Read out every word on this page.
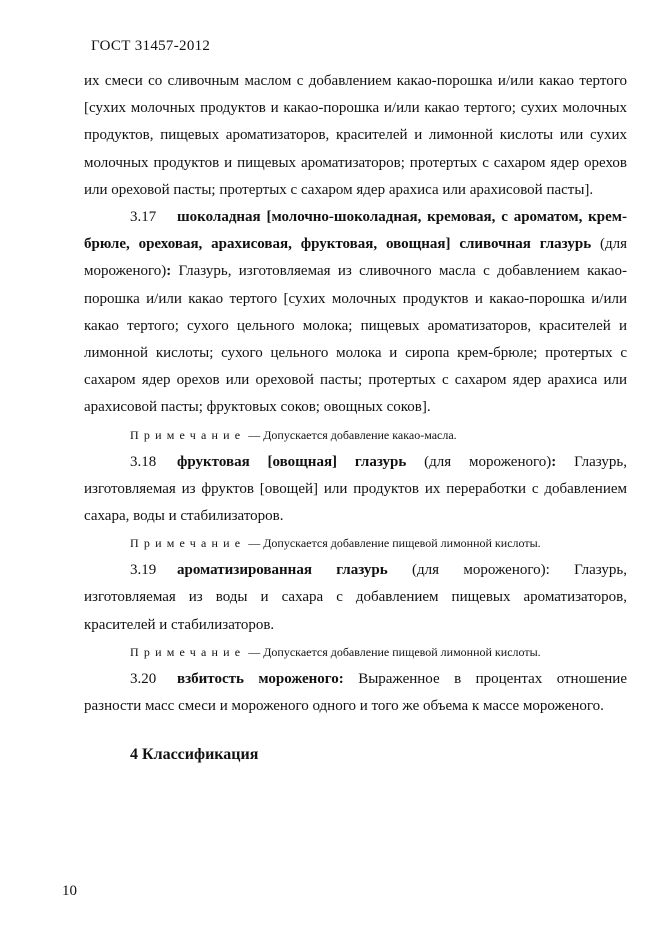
ГОСТ 31457-2012

их смеси со сливочным маслом с добавлением какао-порошка и/или какао тертого [сухих молочных продуктов и какао-порошка и/или какао тертого; сухих молочных продуктов, пищевых ароматизаторов, красителей и лимонной кислоты или сухих молочных продуктов и пищевых ароматизаторов; протертых с сахаром ядер орехов или ореховой пасты; протертых с сахаром ядер арахиса или арахисовой пасты].

3.17 шоколадная [молочно-шоколадная, кремовая, с ароматом, крем-брюле, ореховая, арахисовая, фруктовая, овощная] сливочная глазурь (для мороженого): Глазурь, изготовляемая из сливочного масла с добавлением какао-порошка и/или какао тертого [сухих молочных продуктов и какао-порошка и/или какао тертого; сухого цельного молока; пищевых ароматизаторов, красителей и лимонной кислоты; сухого цельного молока и сиропа крем-брюле; протертых с сахаром ядер орехов или ореховой пасты; протертых с сахаром ядер арахиса или арахисовой пасты; фруктовых соков; овощных соков].

Примечание — Допускается добавление какао-масла.

3.18 фруктовая [овощная] глазурь (для мороженого): Глазурь, изготовляемая из фруктов [овощей] или продуктов их переработки с добавлением сахара, воды и стабилизаторов.

Примечание — Допускается добавление пищевой лимонной кислоты.

3.19 ароматизированная глазурь (для мороженого): Глазурь, изготовляемая из воды и сахара с добавлением пищевых ароматизаторов, красителей и стабилизаторов.

Примечание — Допускается добавление пищевой лимонной кислоты.

3.20 взбитость мороженого: Выраженное в процентах отношение разности масс смеси и мороженого одного и того же объема к массе мороженого.

4 Классификация

10
